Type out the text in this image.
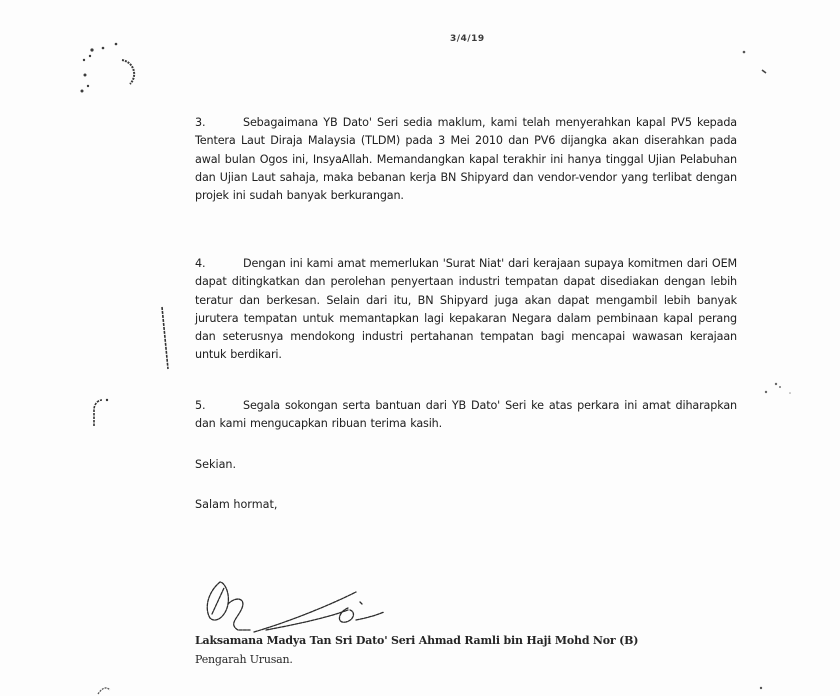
3/4/19
3.	Sebagaimana YB Dato' Seri sedia maklum, kami telah menyerahkan kapal PV5 kepada Tentera Laut Diraja Malaysia (TLDM) pada 3 Mei 2010 dan PV6 dijangka akan diserahkan pada awal bulan Ogos ini, InsyaAllah. Memandangkan kapal terakhir ini hanya tinggal Ujian Pelabuhan dan Ujian Laut sahaja, maka bebanan kerja BN Shipyard dan vendor-vendor yang terlibat dengan projek ini sudah banyak berkurangan.
4.	Dengan ini kami amat memerlukan 'Surat Niat' dari kerajaan supaya komitmen dari OEM dapat ditingkatkan dan perolehan penyertaan industri tempatan dapat disediakan dengan lebih teratur dan berkesan. Selain dari itu, BN Shipyard juga akan dapat mengambil lebih banyak jurutera tempatan untuk memantapkan lagi kepakaran Negara dalam pembinaan kapal perang dan seterusnya mendokong industri pertahanan tempatan bagi mencapai wawasan kerajaan untuk berdikari.
5.	Segala sokongan serta bantuan dari YB Dato' Seri ke atas perkara ini amat diharapkan dan kami mengucapkan ribuan terima kasih.
Sekian.
Salam hormat,
Laksamana Madya Tan Sri Dato' Seri Ahmad Ramli bin Haji Mohd Nor (B)
Pengarah Urusan.
